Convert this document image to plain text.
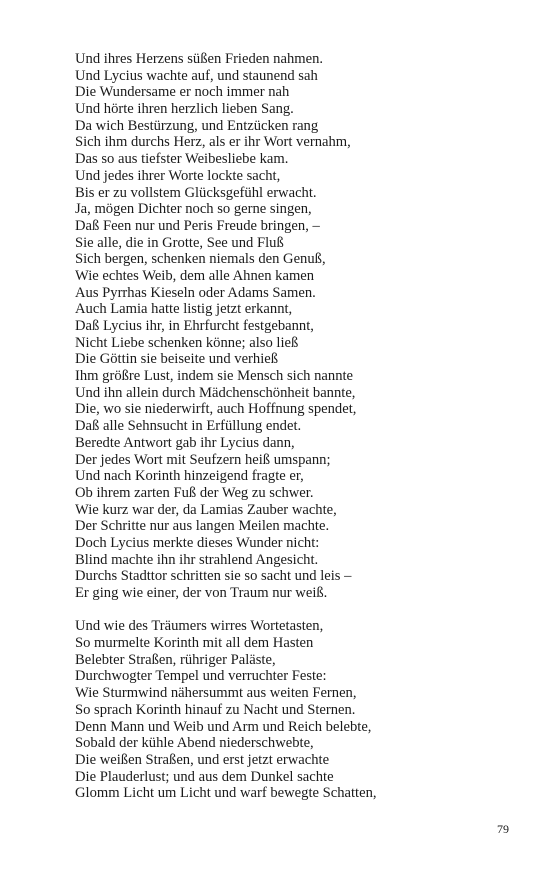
Und ihres Herzens süßen Frieden nahmen.
Und Lycius wachte auf, und staunend sah
Die Wundersame er noch immer nah
Und hörte ihren herzlich lieben Sang.
Da wich Bestürzung, und Entzücken rang
Sich ihm durchs Herz, als er ihr Wort vernahm,
Das so aus tiefster Weibesliebe kam.
Und jedes ihrer Worte lockte sacht,
Bis er zu vollstem Glücksgefühl erwacht.
Ja, mögen Dichter noch so gerne singen,
Daß Feen nur und Peris Freude bringen, –
Sie alle, die in Grotte, See und Fluß
Sich bergen, schenken niemals den Genuß,
Wie echtes Weib, dem alle Ahnen kamen
Aus Pyrrhas Kieseln oder Adams Samen.
Auch Lamia hatte listig jetzt erkannt,
Daß Lycius ihr, in Ehrfurcht festgebannt,
Nicht Liebe schenken könne; also ließ
Die Göttin sie beiseite und verhieß
Ihm größre Lust, indem sie Mensch sich nannte
Und ihn allein durch Mädchenschönheit bannte,
Die, wo sie niederwirft, auch Hoffnung spendet,
Daß alle Sehnsucht in Erfüllung endet.
Beredte Antwort gab ihr Lycius dann,
Der jedes Wort mit Seufzern heiß umspann;
Und nach Korinth hinzeigend fragte er,
Ob ihrem zarten Fuß der Weg zu schwer.
Wie kurz war der, da Lamias Zauber wachte,
Der Schritte nur aus langen Meilen machte.
Doch Lycius merkte dieses Wunder nicht:
Blind machte ihn ihr strahlend Angesicht.
Durchs Stadttor schritten sie so sacht und leis –
Er ging wie einer, der von Traum nur weiß.
Und wie des Träumers wirres Wortetasten,
So murmelte Korinth mit all dem Hasten
Belebter Straßen, rühriger Paläste,
Durchwogter Tempel und verruchter Feste:
Wie Sturmwind nähersummt aus weiten Fernen,
So sprach Korinth hinauf zu Nacht und Sternen.
Denn Mann und Weib und Arm und Reich belebte,
Sobald der kühle Abend niederschwebte,
Die weißen Straßen, und erst jetzt erwachte
Die Plauderlust; und aus dem Dunkel sachte
Glomm Licht um Licht und warf bewegte Schatten,
79
